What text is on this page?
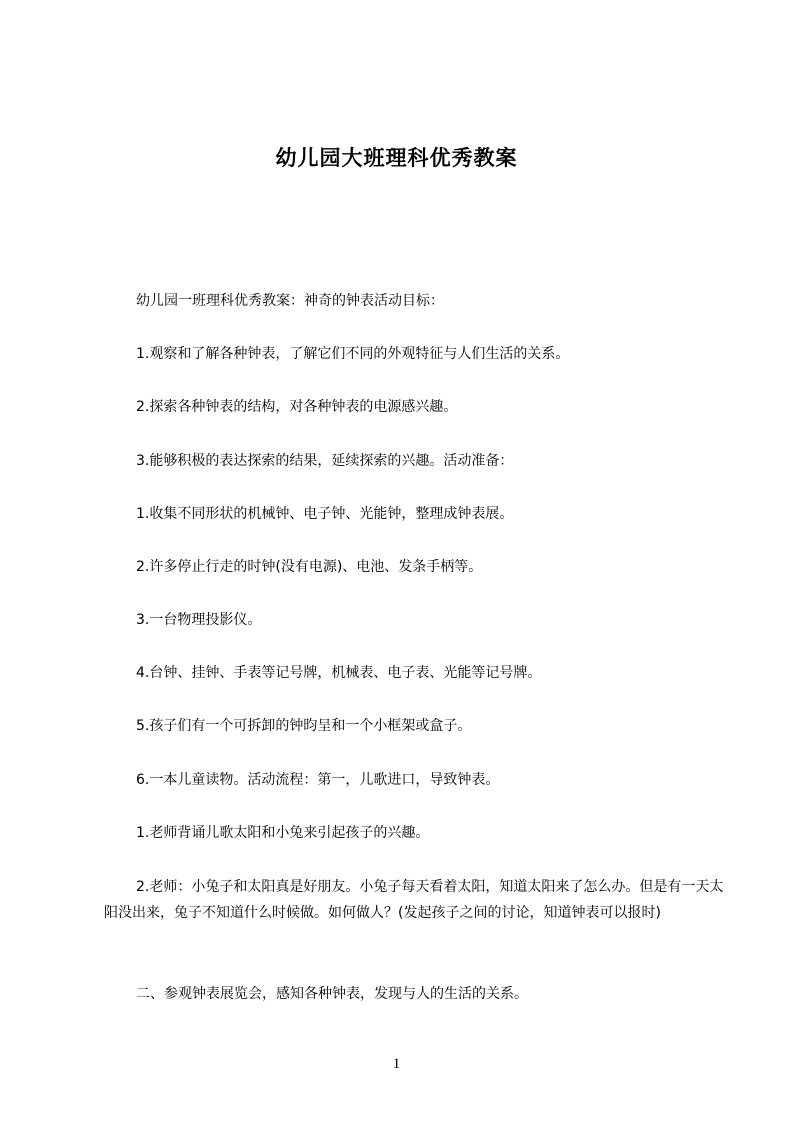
幼儿园大班理科优秀教案
幼儿园一班理科优秀教案：神奇的钟表活动目标：
1.观察和了解各种钟表，了解它们不同的外观特征与人们生活的关系。
2.探索各种钟表的结构，对各种钟表的电源感兴趣。
3.能够积极的表达探索的结果，延续探索的兴趣。活动准备：
1.收集不同形状的机械钟、电子钟、光能钟，整理成钟表展。
2.许多停止行走的时钟(没有电源)、电池、发条手柄等。
3.一台物理投影仪。
4.台钟、挂钟、手表等记号牌，机械表、电子表、光能等记号牌。
5.孩子们有一个可拆卸的钟昀呈和一个小框架或盒子。
6.一本儿童读物。活动流程：第一，儿歌进口，导致钟表。
1.老师背诵儿歌太阳和小兔来引起孩子的兴趣。
2.老师：小兔子和太阳真是好朋友。小兔子每天看着太阳，知道太阳来了怎么办。但是有一天太阳没出来，兔子不知道什么时候做。如何做人？(发起孩子之间的讨论，知道钟表可以报时)
二、参观钟表展览会，感知各种钟表，发现与人的生活的关系。
1
